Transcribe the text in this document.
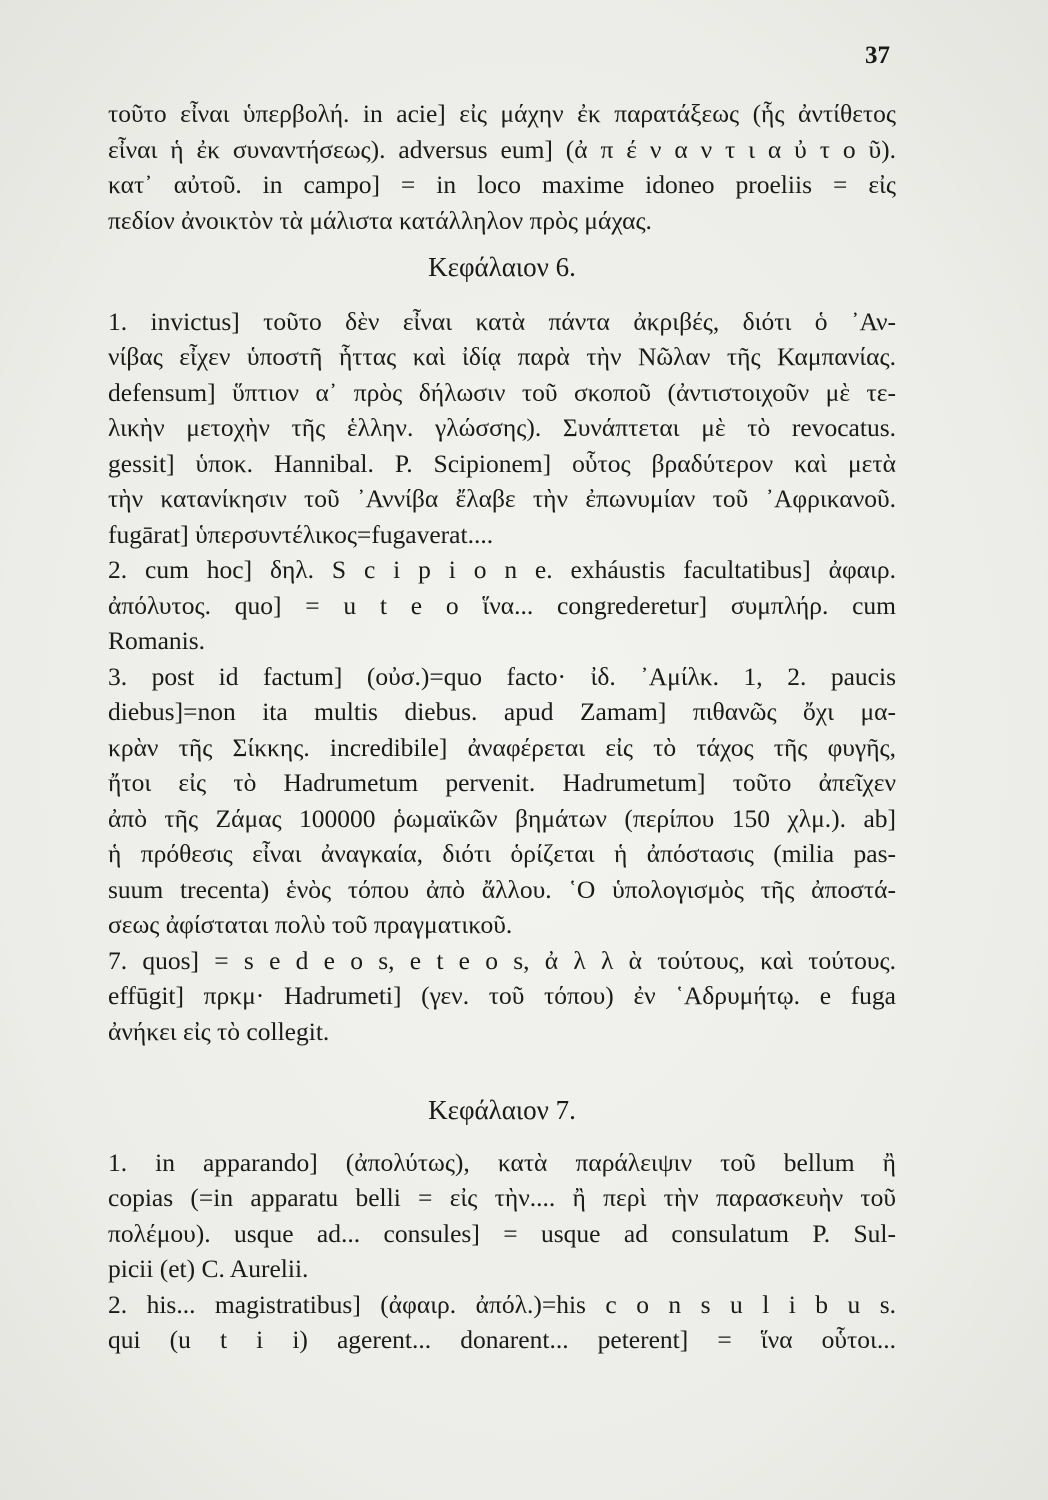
37
τοῦτο εἶναι ὑπερβολή. in acie] εἰς μάχην ἐκ παρατάξεως (ἧς ἀντίθετος
εἶναι ἡ ἐκ συναντήσεως). adversus eum] (ἀ π έ ν α ν τ ι α ὐ τ ο ῦ).
κατ᾽ αὐτοῦ. in campo] = in loco maxime idoneo proeliis = εἰς
πεδίον ἀνοικτὸν τὰ μάλιστα κατάλληλον πρὸς μάχας.
Κεφάλαιον 6.
1. invictus] τοῦτο δὲν εἶναι κατὰ πάντα ἀκριβές, διότι ὁ ᾿Αν-
νίβας εἶχεν ὑποστῆ ἧττας καὶ ἰδίᾳ παρὰ τὴν Νῶλαν τῆς Καμπανίας.
defensum] ὕπτιον α᾽ πρὸς δήλωσιν τοῦ σκοποῦ (ἀντιστοιχοῦν μὲ τε-
λικὴν μετοχὴν τῆς ἑλλην. γλώσσης). Συνάπτεται μὲ τὸ revocatus.
gessit] ὑποκ. Hannibal. P. Scipionem] οὗτος βραδύτερον καὶ μετὰ
τὴν κατανίκησιν τοῦ ᾿Αννίβα ἔλαβε τὴν ἐπωνυμίαν τοῦ ᾿Αφρικανοῦ.
fugārat] ὑπερσυντέλικος=fugaverat....
2. cum hoc] δηλ. S c i p i o n e. exháustis facultatibus] ἀφαιρ.
ἀπόλυτος. quo] = u t e o ἵνα... congrederetur] συμπλήρ. cum
Romanis.
3. post id factum] (οὐσ.)=quo facto· ἰδ. ᾿Αμίλκ. 1, 2. paucis
diebus]=non ita multis diebus. apud Zamam] πιθανῶς ὄχι μα-
κρὰν τῆς Σίκκης. incredibile] ἀναφέρεται εἰς τὸ τάχος τῆς φυγῆς,
ἤτοι εἰς τὸ Hadrumetum pervenit. Hadrumetum] τοῦτο ἀπεῖχεν
ἀπὸ τῆς Ζάμας 100000 ῥωμαϊκῶν βημάτων (περίπου 150 χλμ.). ab]
ἡ πρόθεσις εἶναι ἀναγκαία, διότι ὁρίζεται ἡ ἀπόστασις (milia pas-
suum trecenta) ἑνὸς τόπου ἀπὸ ἄλλου. ῾Ο ὑπολογισμὸς τῆς ἀποστά-
σεως ἀφίσταται πολὺ τοῦ πραγματικοῦ.
7. quos] = s e d e o s, e t e o s, ἀ λ λ ὰ τούτους, καὶ τούτους.
effūgit] πρκμ· Hadrumeti] (γεν. τοῦ τόπου) ἐν ῾Αδρυμήτῳ. e fuga
ἀνήκει εἰς τὸ collegit.
Κεφάλαιον 7.
1. in apparando] (ἀπολύτως), κατὰ παράλειψιν τοῦ bellum ἢ
copias (=in apparatu belli = εἰς τὴν.... ἢ περὶ τὴν παρασκευὴν τοῦ
πολέμου). usque ad... consules] = usque ad consulatum P. Sul-
picii (et) C. Aurelii.
2. his... magistratibus] (ἀφαιρ. ἀπόλ.)=his c o n s u l i b u s.
qui (u t i i) agerent... donarent... peterent] = ἵνα οὗτοι...
